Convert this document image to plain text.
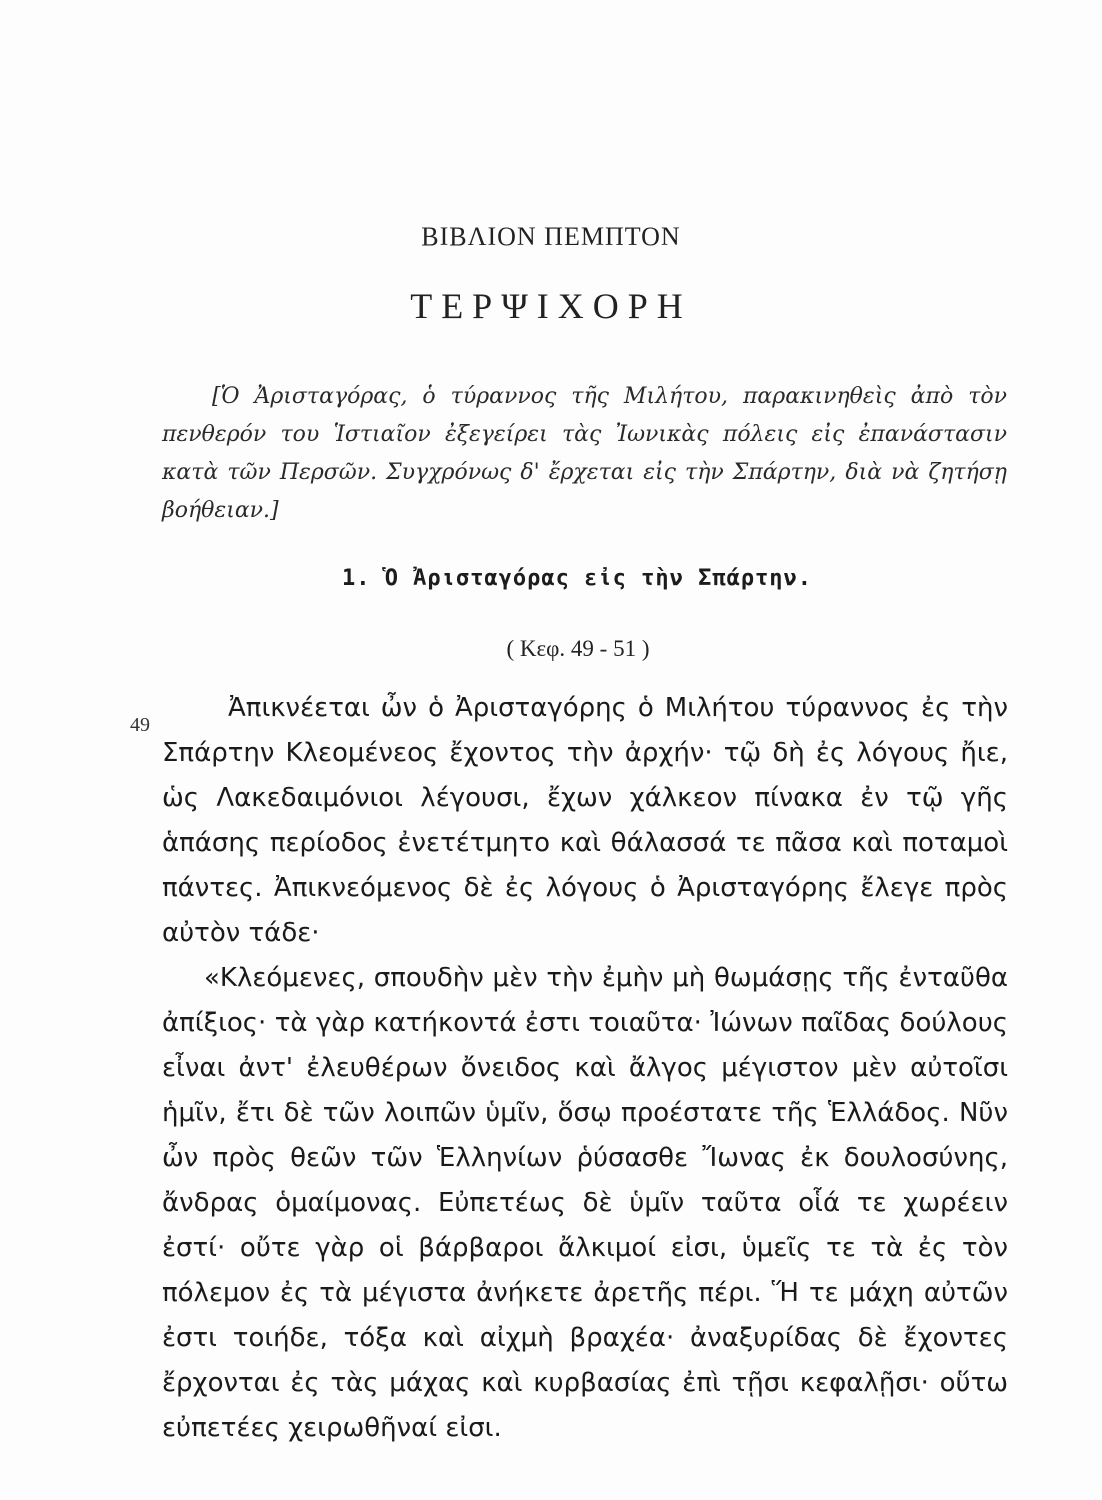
ΒΙΒΛΙΟΝ ΠΕΜΠΤΟΝ
ΤΕΡΨΙΧΟΡΗ
[Ὁ Ἀρισταγόρας, ὁ τύραννος τῆς Μιλήτου, παρακινηθεὶς ἀπὸ τὸν πενθερόν του Ἱστιαῖον ἐξεγείρει τὰς Ἰωνικὰς πόλεις εἰς ἐπανάστασιν κατὰ τῶν Περσῶν. Συγχρόνως δ' ἔρχεται εἰς τὴν Σπάρτην, διὰ νὰ ζητήσῃ βοήθειαν.]
1. Ὁ Ἀρισταγόρας εἰς τὴν Σπάρτην.
( Κεφ. 49 - 51 )
49

Ἀπικνέεται ὦν ὁ Ἀρισταγόρης ὁ Μιλήτου τύραννος ἐς τὴν Σπάρτην Κλεομένεος ἔχοντος τὴν ἀρχήν· τῷ δὴ ἐς λόγους ἤιε, ὡς Λακεδαιμόνιοι λέγουσι, ἔχων χάλκεον πίνακα ἐν τῷ γῆς ἁπάσης περίοδος ἐνετέτμητο καὶ θάλασσά τε πᾶσα καὶ ποταμοὶ πάντες. Ἀπικνεόμενος δὲ ἐς λόγους ὁ Ἀρισταγόρης ἔλεγε πρὸς αὐτὸν τάδε·

«Κλεόμενες, σπουδὴν μὲν τὴν ἐμὴν μὴ θωμάσῃς τῆς ἐνταῦθα ἀπίξιος· τὰ γὰρ κατήκοντά ἐστι τοιαῦτα· Ἰώνων παῖδας δούλους εἶναι ἀντ' ἐλευθέρων ὄνειδος καὶ ἄλγος μέγιστον μὲν αὐτοῖσι ἡμῖν, ἔτι δὲ τῶν λοιπῶν ὑμῖν, ὅσῳ προέστατε τῆς Ἑλλάδος. Νῦν ὦν πρὸς θεῶν τῶν Ἑλληνίων ῥύσασθε Ἴωνας ἐκ δουλοσύνης, ἄνδρας ὁμαίμονας. Εὐπετέως δὲ ὑμῖν ταῦτα οἷά τε χωρέειν ἐστί· οὔτε γὰρ οἱ βάρβαροι ἄλκιμοί εἰσι, ὑμεῖς τε τὰ ἐς τὸν πόλεμον ἐς τὰ μέγιστα ἀνήκετε ἀρετῆς πέρι. Ἥ τε μάχη αὐτῶν ἐστι τοιήδε, τόξα καὶ αἰχμὴ βραχέα· ἀναξυρίδας δὲ ἔχοντες ἔρχονται ἐς τὰς μάχας καὶ κυρβασίας ἐπὶ τῇσι κεφαλῇσι· οὕτω εὐπετέες χειρωθῆναί εἰσι.
